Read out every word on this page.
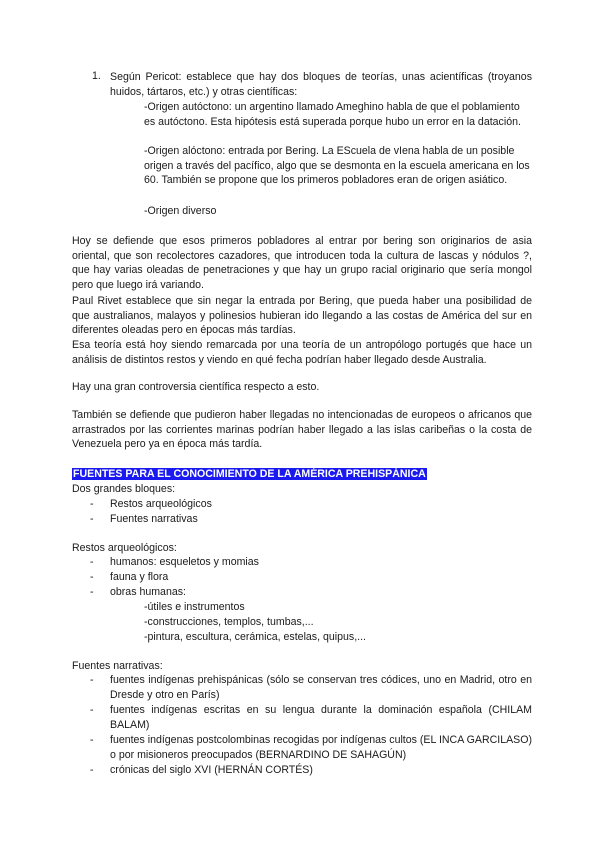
1. Según Pericot: establece que hay dos bloques de teorías, unas acientíficas (troyanos huidos, tártaros, etc.) y otras científicas:
-Origen autóctono: un argentino llamado Ameghino habla de que el poblamiento es autóctono. Esta hipótesis está superada porque hubo un error en la datación.
-Origen alóctono: entrada por Bering. La EScuela de vIena habla de un posible origen a través del pacífico, algo que se desmonta en la escuela americana en los 60. También se propone que los primeros pobladores eran de origen asiático.
-Origen diverso
Hoy se defiende que esos primeros pobladores al entrar por bering son originarios de asia oriental, que son recolectores cazadores, que introducen toda la cultura de lascas y nódulos ?, que hay varias oleadas de penetraciones y que hay un grupo racial originario que sería mongol pero que luego irá variando.
Paul Rivet establece que sin negar la entrada por Bering, que pueda haber una posibilidad de que australianos, malayos y polinesios hubieran ido llegando a las costas de América del sur en diferentes oleadas pero en épocas más tardías.
Esa teoría está hoy siendo remarcada por una teoría de un antropólogo portugés que hace un análisis de distintos restos y viendo en qué fecha podrían haber llegado desde Australia.
Hay una gran controversia científica respecto a esto.
También se defiende que pudieron haber llegadas no intencionadas de europeos o africanos que arrastrados por las corrientes marinas podrían haber llegado a las islas caribeñas o la costa de Venezuela pero ya en época más tardía.
FUENTES PARA EL CONOCIMIENTO DE LA AMÉRICA PREHISPÁNICA
Dos grandes bloques:
- Restos arqueológicos
- Fuentes narrativas
Restos arqueológicos:
- humanos: esqueletos y momias
- fauna y flora
- obras humanas:
-útiles e instrumentos
-construcciones, templos, tumbas,...
-pintura, escultura, cerámica, estelas, quipus,...
Fuentes narrativas:
- fuentes indígenas prehispánicas (sólo se conservan tres códices, uno en Madrid, otro en Dresde y otro en París)
- fuentes indígenas escritas en su lengua durante la dominación española (CHILAM BALAM)
- fuentes indígenas postcolombinas recogidas por indígenas cultos (EL INCA GARCILASO) o por misioneros preocupados (BERNARDINO DE SAHAGÚN)
- crónicas del siglo XVI (HERNÁN CORTÉS)
